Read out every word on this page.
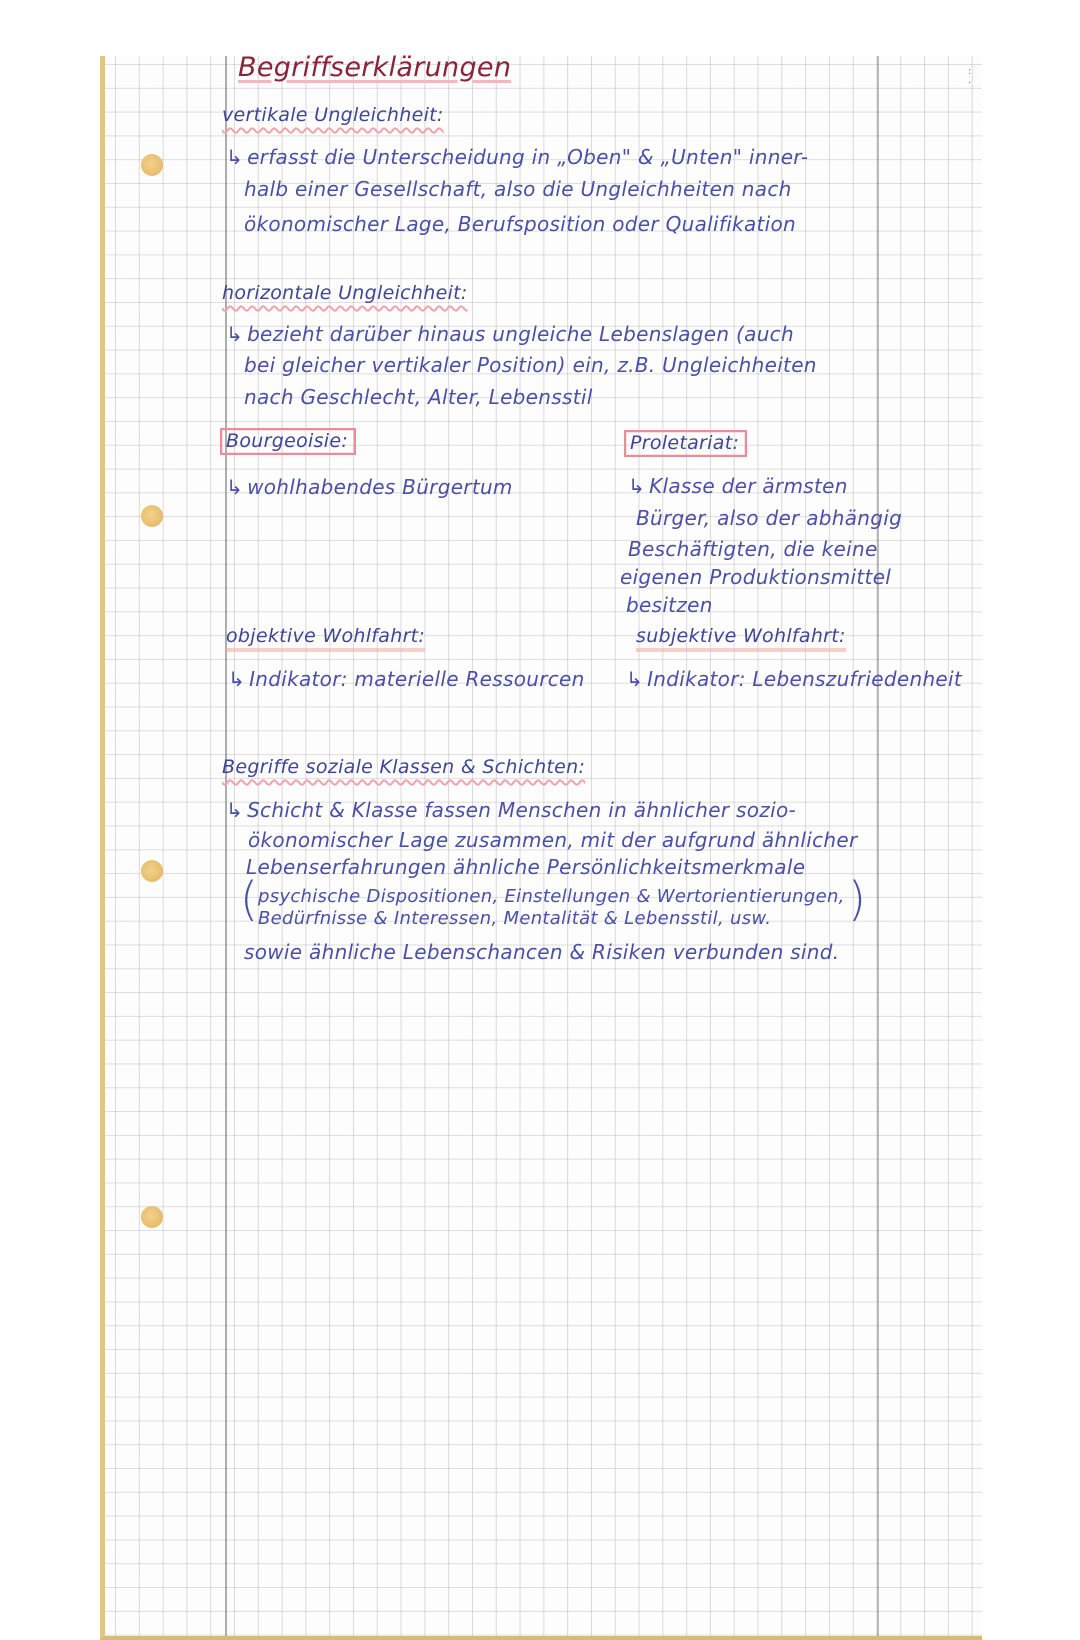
:
·
Begriffserklärungen
vertikale Ungleichheit:
↳ erfasst die Unterscheidung in „Oben" & „Unten" inner-
halb einer Gesellschaft, also die Ungleichheiten nach
ökonomischer Lage, Berufsposition oder Qualifikation
horizontale Ungleichheit:
↳ bezieht darüber hinaus ungleiche Lebenslagen (auch
bei gleicher vertikaler Position) ein, z.B. Ungleichheiten
nach Geschlecht, Alter, Lebensstil
Bourgeoisie:
↳ wohlhabendes Bürgertum
Proletariat:
↳ Klasse der ärmsten
Bürger, also der abhängig
Beschäftigten, die keine
eigenen Produktionsmittel
besitzen
objektive Wohlfahrt:
↳ Indikator: materielle Ressourcen
subjektive Wohlfahrt:
↳ Indikator: Lebenszufriedenheit
Begriffe soziale Klassen & Schichten:
↳ Schicht & Klasse fassen Menschen in ähnlicher sozio-
ökonomischer Lage zusammen, mit der aufgrund ähnlicher
Lebenserfahrungen ähnliche Persönlichkeitsmerkmale
( psychische Dispositionen, Einstellungen & Wertorientierungen,
Bedürfnisse & Interessen, Mentalität & Lebensstil, usw. )
sowie ähnliche Lebenschancen & Risiken verbunden sind.
